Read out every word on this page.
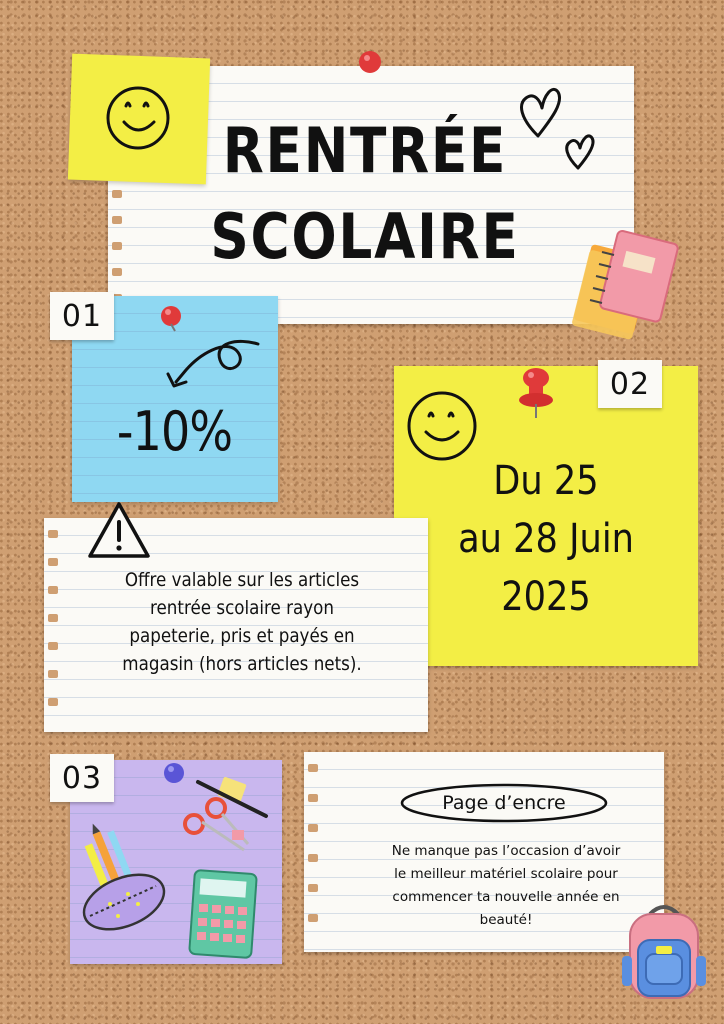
RENTRÉE
SCOLAIRE
01
-10%
02
Du 25
au 28 Juin
2025
Offre valable sur les articles
rentrée scolaire rayon
papeterie, pris et payés en
magasin (hors articles nets).
03
Page d’encre
Ne manque pas l’occasion d’avoir
le meilleur matériel scolaire pour
commencer ta nouvelle année en
beauté!
